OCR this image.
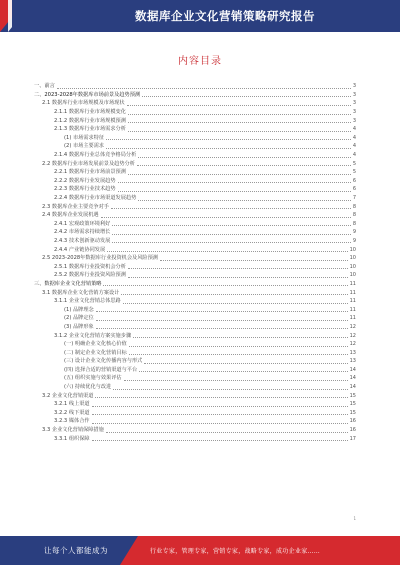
数据库企业文化营销策略研究报告
内容目录
一、前言	3
二、2023-2028年数据库市场前景及趋势预测	3
2.1 数据库行业市场规模及市场现状	3
2.1.1 数据库行业市场规模变化	3
2.1.2 数据库行业市场规模预测	3
2.1.3 数据库行业市场需求分析	4
(1) 市场需求特征	4
(2) 市场主要需求	4
2.1.4 数据库行业总体竞争格局分析	4
2.2 数据库行业市场发展前景及趋势分析	5
2.2.1 数据库行业市场前景预测	5
2.2.2 数据库行业发展趋势	6
2.2.3 数据库行业技术趋势	6
2.2.4 数据库行业市场渠道发展趋势	7
2.3 数据库企业主要竞争对手	8
2.4 数据库企业发展机遇	8
2.4.1 宏观政策环境利好	8
2.4.2 市场需求持续增长	9
2.4.3 技术创新驱动发展	9
2.4.4 产业链协同发展	10
2.5 2023-2028年数据库行业投资机会及风险预测	10
2.5.1 数据库行业投资机会分析	10
2.5.2 数据库行业投资风险预测	10
三、数据库企业文化营销策略	11
3.1 数据库企业文化营销方案设计	11
3.1.1 企业文化营销总体思路	11
(1) 品牌理念	11
(2) 品牌定位	11
(3) 品牌形象	12
3.1.2 企业文化营销方案实施步骤	12
(一) 明确企业文化核心价值	12
(二) 制定企业文化营销目标	13
(三) 设计企业文化传播内容与形式	13
(四) 选择合适的营销渠道与平台	14
(五) 组织实施与效果评估	14
(六) 持续优化与改进	14
3.2 企业文化营销渠道	15
3.2.1 线上渠道	15
3.2.2 线下渠道	15
3.2.3 媒体合作	16
3.3 企业文化营销保障措施	16
3.3.1 组织保障	17
1
让每个人都能成为	行业专家，管理专家，营销专家，战略专家，成功企业家……
